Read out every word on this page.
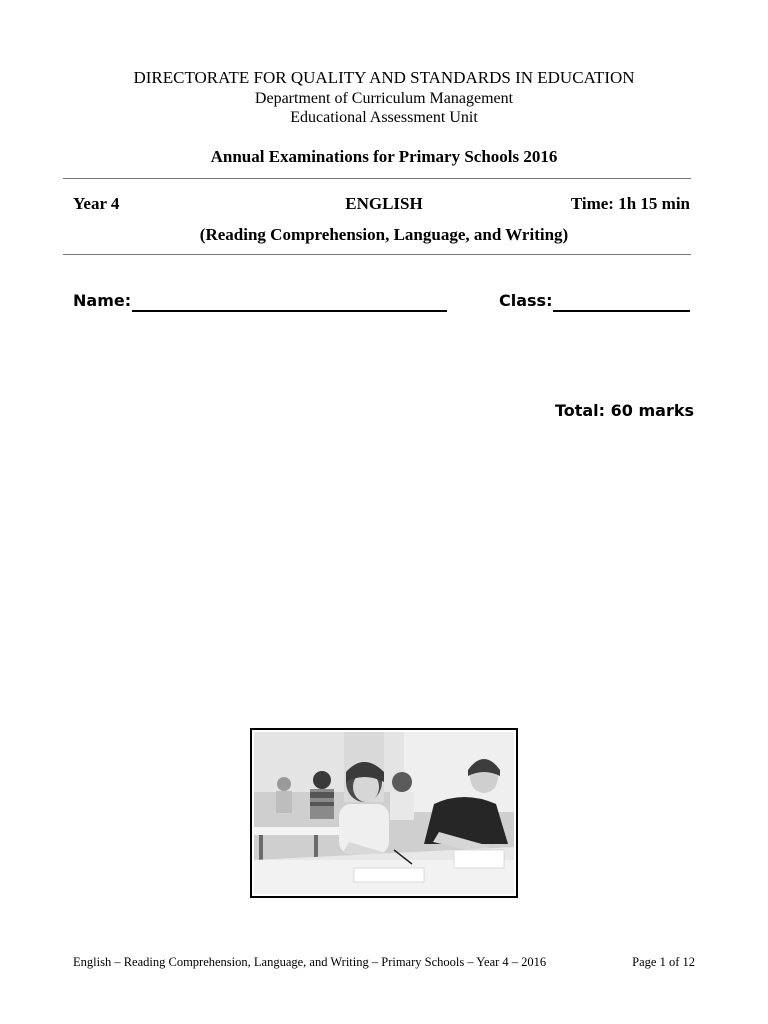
DIRECTORATE FOR QUALITY AND STANDARDS IN EDUCATION
Department of Curriculum Management
Educational Assessment Unit
Annual Examinations for Primary Schools 2016
Year 4	ENGLISH	Time: 1h 15 min
(Reading Comprehension, Language, and Writing)
Name:	Class:
Total: 60 marks
English – Reading Comprehension, Language, and Writing – Primary Schools – Year 4 – 2016	Page 1 of 12
